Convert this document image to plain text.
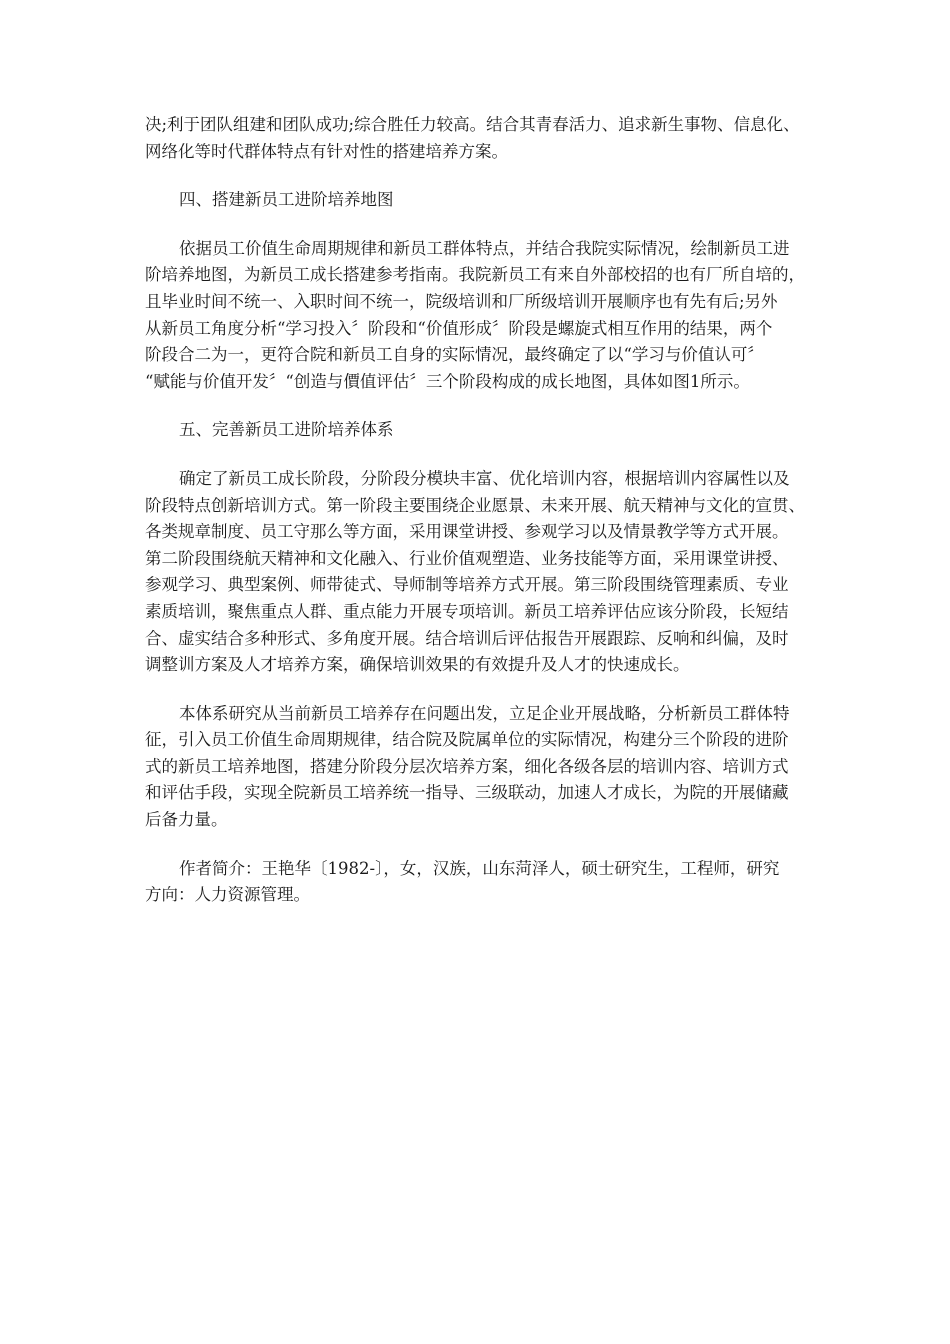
决;利于团队组建和团队成功;综合胜任力较高。结合其青春活力、追求新生事物、信息化、
网络化等时代群体特点有针对性的搭建培养方案。
四、搭建新员工进阶培养地图
依据员工价值生命周期规律和新员工群体特点，并结合我院实际情况，绘制新员工进
阶培养地图，为新员工成长搭建参考指南。我院新员工有来自外部校招的也有厂所自培的，
且毕业时间不统一、入职时间不统一，院级培训和厂所级培训开展顺序也有先有后;另外
从新员工角度分析“学习投入〞阶段和“价值形成〞阶段是螺旋式相互作用的结果，两个
阶段合二为一，更符合院和新员工自身的实际情况，最终确定了以“学习与价值认可〞
“赋能与价值开发〞“创造与價值评估〞三个阶段构成的成长地图，具体如图1所示。
五、完善新员工进阶培养体系
确定了新员工成长阶段，分阶段分模块丰富、优化培训内容，根据培训内容属性以及
阶段特点创新培训方式。第一阶段主要围绕企业愿景、未来开展、航天精神与文化的宣贯、
各类规章制度、员工守那么等方面，采用课堂讲授、参观学习以及情景教学等方式开展。
第二阶段围绕航天精神和文化融入、行业价值观塑造、业务技能等方面，采用课堂讲授、
参观学习、典型案例、师带徒式、导师制等培养方式开展。第三阶段围绕管理素质、专业
素质培训，聚焦重点人群、重点能力开展专项培训。新员工培养评估应该分阶段，长短结
合、虚实结合多种形式、多角度开展。结合培训后评估报告开展跟踪、反响和纠偏，及时
调整训方案及人才培养方案，确保培训效果的有效提升及人才的快速成长。
本体系研究从当前新员工培养存在问题出发，立足企业开展战略，分析新员工群体特
征，引入员工价值生命周期规律，结合院及院属单位的实际情况，构建分三个阶段的进阶
式的新员工培养地图，搭建分阶段分层次培养方案，细化各级各层的培训内容、培训方式
和评估手段，实现全院新员工培养统一指导、三级联动，加速人才成长，为院的开展储藏
后备力量。
作者简介：王艳华〔1982-〕，女，汉族，山东菏泽人，硕士研究生，工程师，研究
方向：人力资源管理。
